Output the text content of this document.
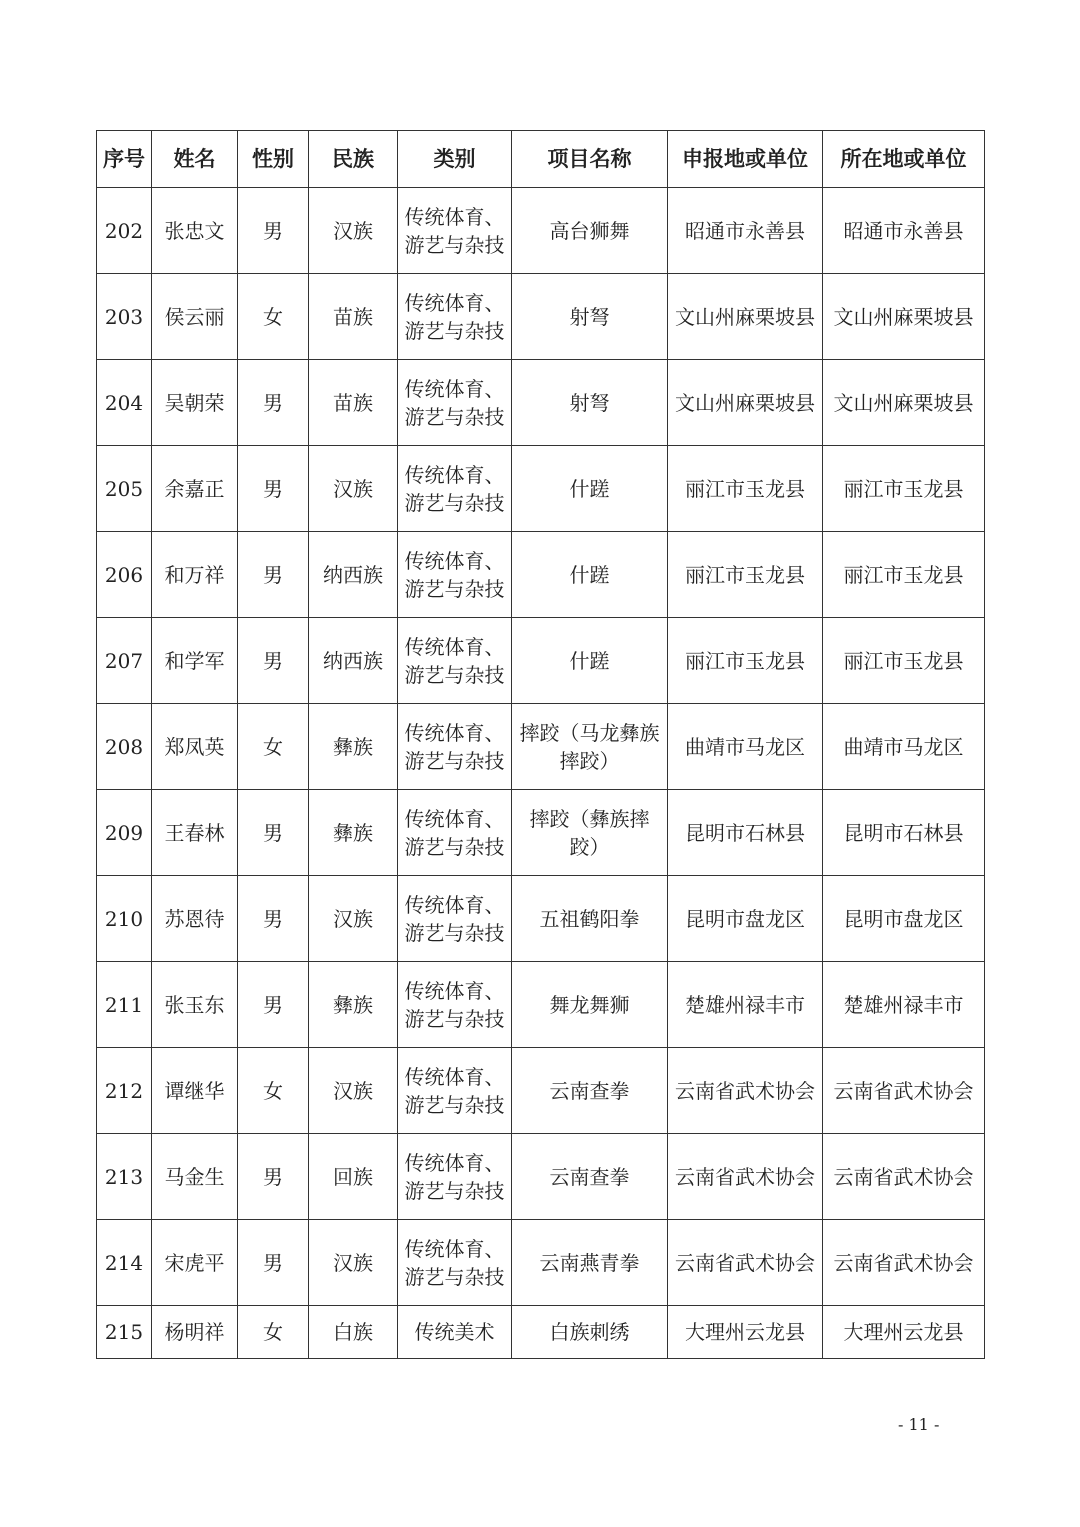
序号	姓名	性别	民族	类别	项目名称	申报地或单位	所在地或单位
202	张忠文	男	汉族	传统体育、游艺与杂技	高台狮舞	昭通市永善县	昭通市永善县
203	侯云丽	女	苗族	传统体育、游艺与杂技	射弩	文山州麻栗坡县	文山州麻栗坡县
204	吴朝荣	男	苗族	传统体育、游艺与杂技	射弩	文山州麻栗坡县	文山州麻栗坡县
205	余嘉正	男	汉族	传统体育、游艺与杂技	什蹉	丽江市玉龙县	丽江市玉龙县
206	和万祥	男	纳西族	传统体育、游艺与杂技	什蹉	丽江市玉龙县	丽江市玉龙县
207	和学军	男	纳西族	传统体育、游艺与杂技	什蹉	丽江市玉龙县	丽江市玉龙县
208	郑凤英	女	彝族	传统体育、游艺与杂技	摔跤（马龙彝族摔跤）	曲靖市马龙区	曲靖市马龙区
209	王春林	男	彝族	传统体育、游艺与杂技	摔跤（彝族摔跤）	昆明市石林县	昆明市石林县
210	苏恩待	男	汉族	传统体育、游艺与杂技	五祖鹤阳拳	昆明市盘龙区	昆明市盘龙区
211	张玉东	男	彝族	传统体育、游艺与杂技	舞龙舞狮	楚雄州禄丰市	楚雄州禄丰市
212	谭继华	女	汉族	传统体育、游艺与杂技	云南查拳	云南省武术协会	云南省武术协会
213	马金生	男	回族	传统体育、游艺与杂技	云南查拳	云南省武术协会	云南省武术协会
214	宋虎平	男	汉族	传统体育、游艺与杂技	云南燕青拳	云南省武术协会	云南省武术协会
215	杨明祥	女	白族	传统美术	白族刺绣	大理州云龙县	大理州云龙县
- 11 -
